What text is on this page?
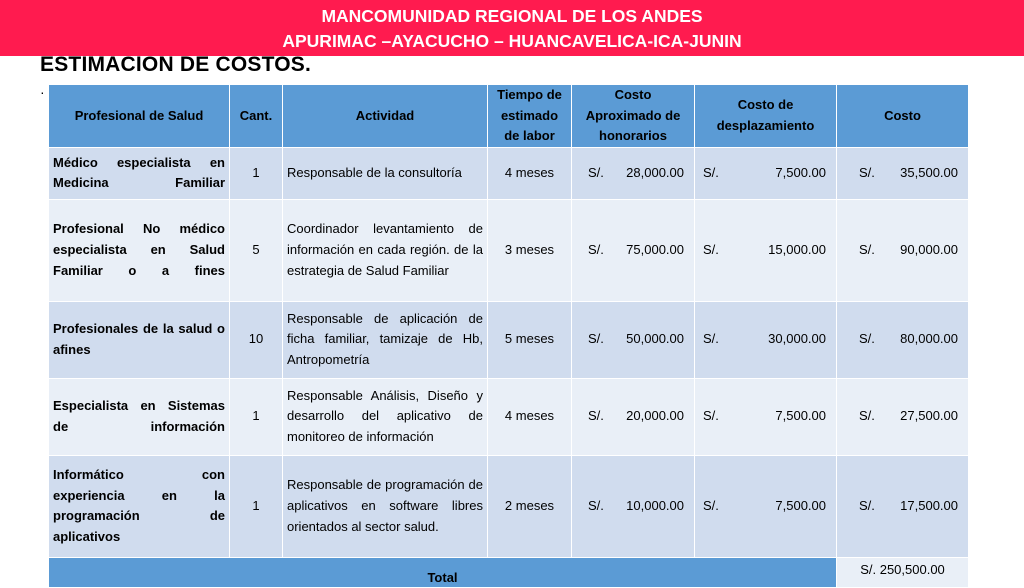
MANCOMUNIDAD REGIONAL DE LOS ANDES
APURIMAC –AYACUCHO – HUANCAVELICA-ICA-JUNIN
ESTIMACION DE COSTOS.
·
Profesional de Salud	Cant.	Actividad	Tiempo de estimado de labor	Costo Aproximado de honorarios	Costo de desplazamiento	Costo
Médico especialista en Medicina Familiar	1	Responsable de la consultoría	4 meses	S/. 28,000.00	S/. 7,500.00	S/. 35,500.00

Profesional No médico especialista en Salud Familiar o a fines	5	Coordinador levantamiento de información en cada región. de la estrategia de Salud Familiar	3 meses	S/. 75,000.00	S/. 15,000.00	S/. 90,000.00

Profesionales de la salud o afines	10	Responsable de aplicación de ficha familiar, tamizaje de Hb, Antropometría	5 meses	S/. 50,000.00	S/. 30,000.00	S/. 80,000.00

Especialista en Sistemas de información	1	Responsable Análisis, Diseño y desarrollo del aplicativo de monitoreo de información	4 meses	S/. 20,000.00	S/. 7,500.00	S/. 27,500.00

Informático con experiencia en la programación de aplicativos	1	Responsable de programación de aplicativos en software libres orientados al sector salud.	2 meses	S/. 10,000.00	S/. 7,500.00	S/. 17,500.00

Total						S/. 250,500.00
